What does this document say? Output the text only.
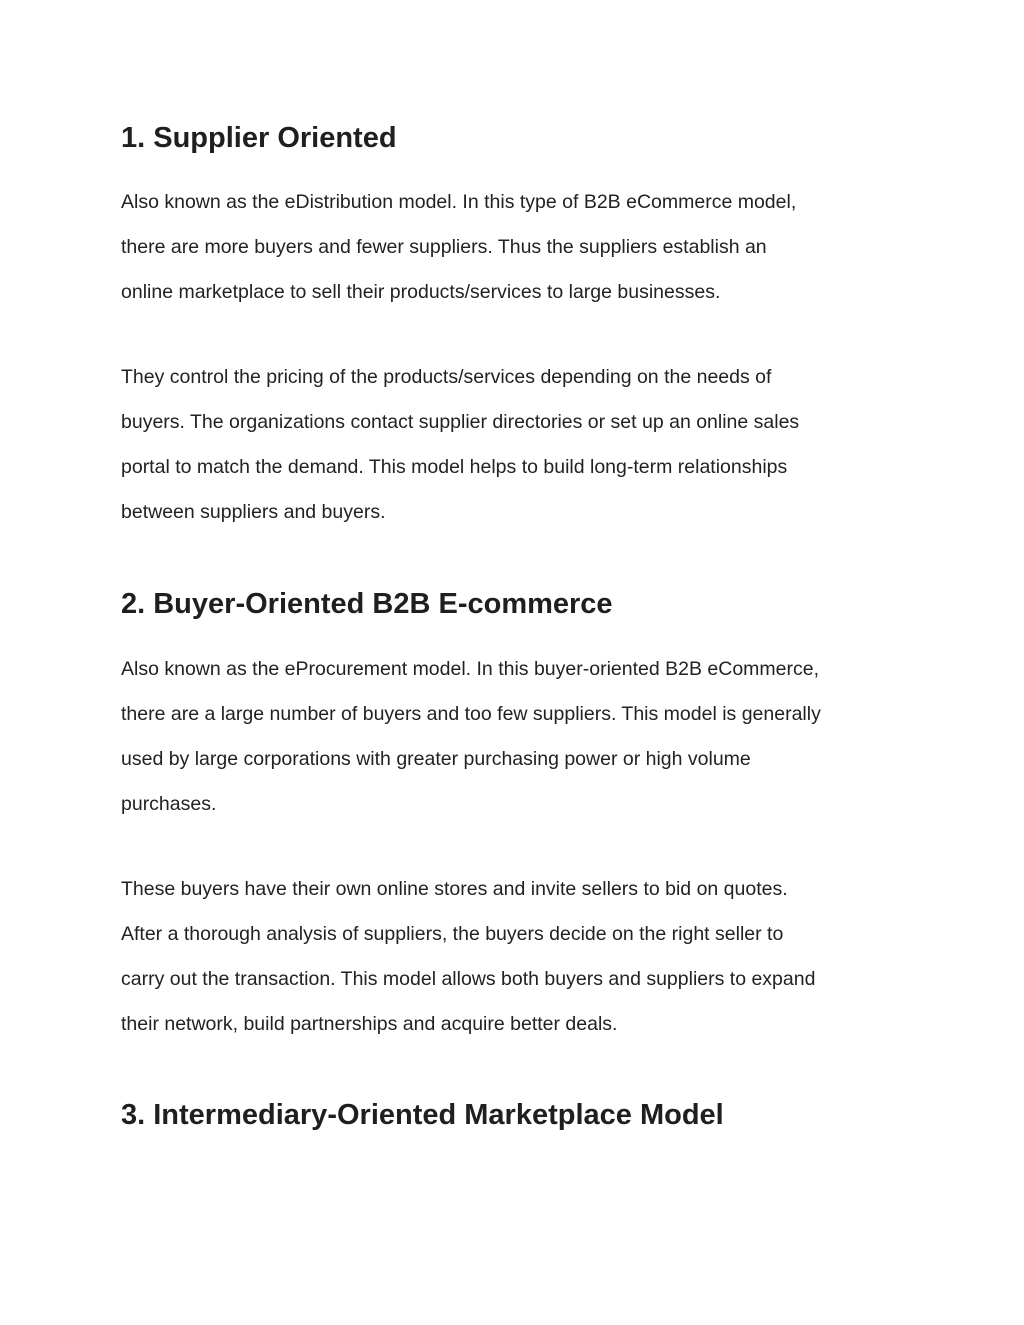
1. Supplier Oriented
Also known as the eDistribution model. In this type of B2B eCommerce model,
there are more buyers and fewer suppliers. Thus the suppliers establish an
online marketplace to sell their products/services to large businesses.
They control the pricing of the products/services depending on the needs of
buyers. The organizations contact supplier directories or set up an online sales
portal to match the demand. This model helps to build long-term relationships
between suppliers and buyers.
2. Buyer-Oriented B2B E-commerce
Also known as the eProcurement model. In this buyer-oriented B2B eCommerce,
there are a large number of buyers and too few suppliers. This model is generally
used by large corporations with greater purchasing power or high volume
purchases.
These buyers have their own online stores and invite sellers to bid on quotes.
After a thorough analysis of suppliers, the buyers decide on the right seller to
carry out the transaction. This model allows both buyers and suppliers to expand
their network, build partnerships and acquire better deals.
3. Intermediary-Oriented Marketplace Model
